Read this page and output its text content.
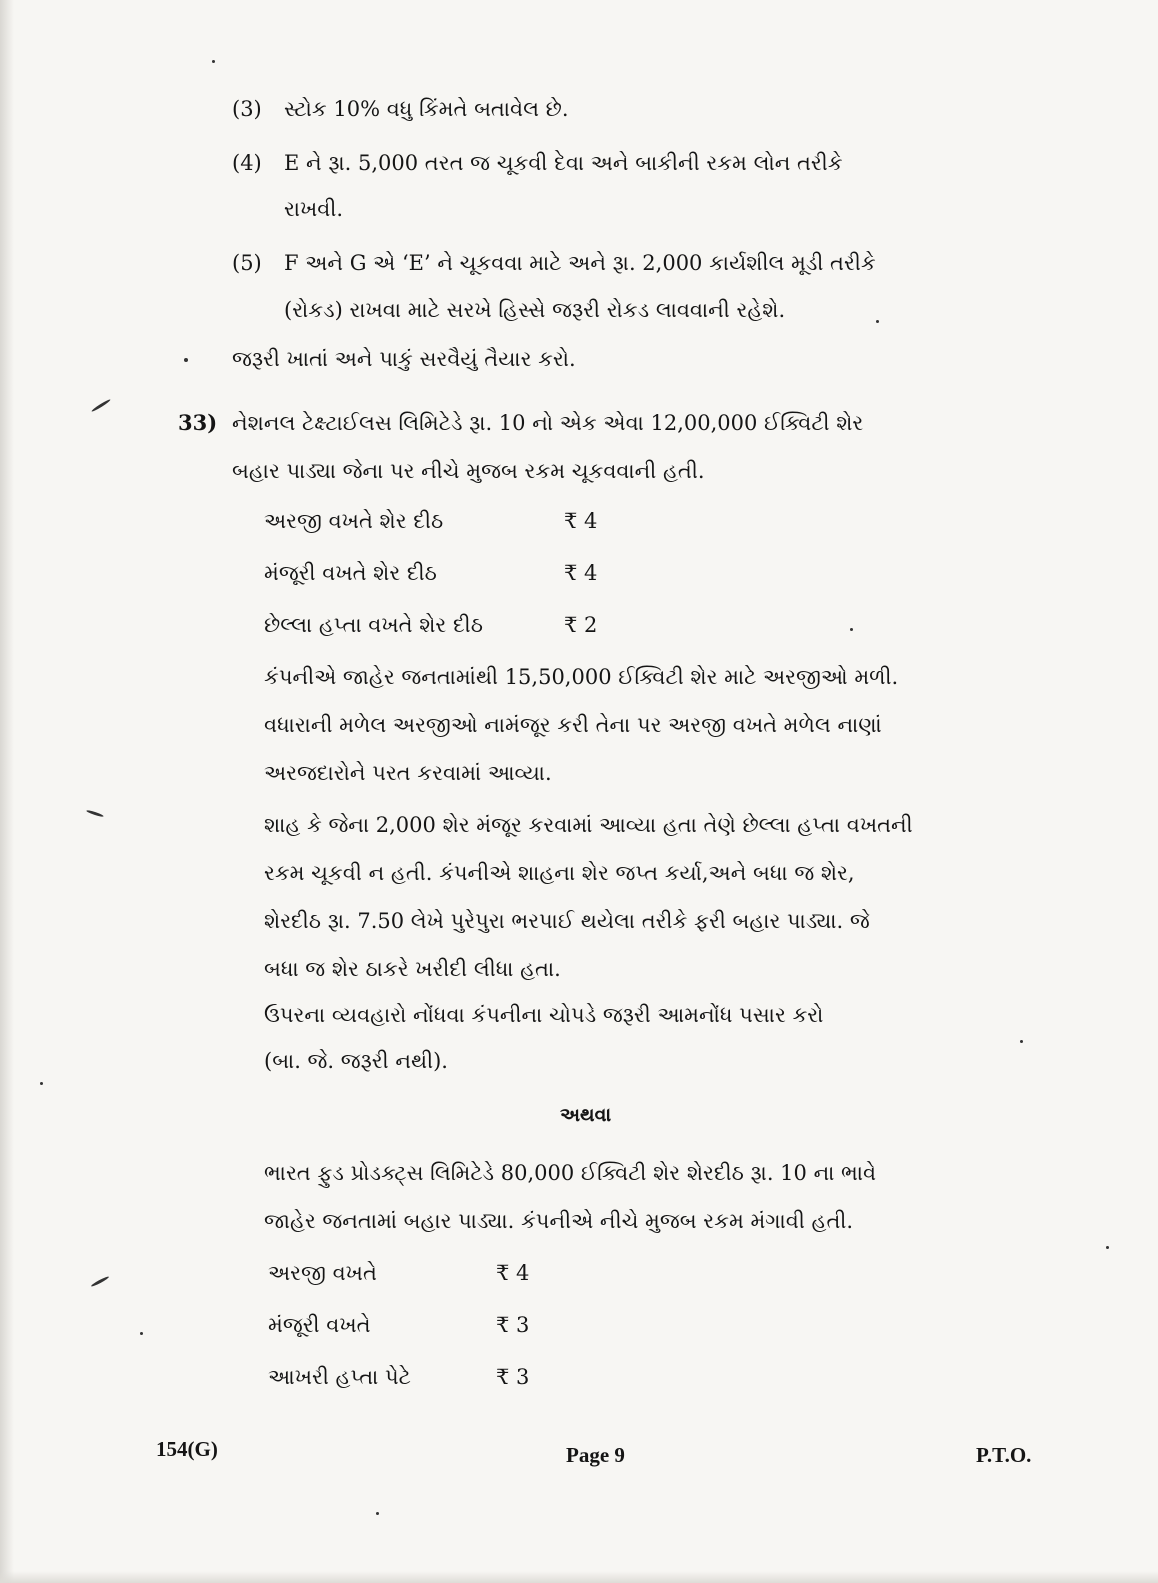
(3) સ્ટોક 10% વધુ કિંમતે બતાવેલ છે.
(4) E ને રૂા. 5,000 તરત જ ચૂકવી દેવા અને બાકીની રકમ લોન તરીકે
રાખવી.
(5) F અને G એ ‘E’ ને ચૂકવવા માટે અને રૂા. 2,000 કાર્યશીલ મૂડી તરીકે
(રોકડ) રાખવા માટે સરખે હિસ્સે જરૂરી રોકડ લાવવાની રહેશે.
જરૂરી ખાતાં અને પાકું સરવૈયું તૈયાર કરો.
33) નેશનલ ટેક્ષ્ટાઈલસ લિમિટેડે રૂા. 10 નો એક એવા 12,00,000 ઈક્વિટી શેર
બહાર પાડ્યા જેના પર નીચે મુજબ રકમ ચૂકવવાની હતી.
અરજી વખતે શેર દીઠ	₹ 4
મંજૂરી વખતે શેર દીઠ	₹ 4
છેલ્લા હપ્તા વખતે શેર દીઠ	₹ 2
કંપનીએ જાહેર જનતામાંથી 15,50,000 ઈક્વિટી શેર માટે અરજીઓ મળી.
વધારાની મળેલ અરજીઓ નામંજૂર કરી તેના પર અરજી વખતે મળેલ નાણાં
અરજદારોને પરત કરવામાં આવ્યા.
શાહ કે જેના 2,000 શેર મંજૂર કરવામાં આવ્યા હતા તેણે છેલ્લા હપ્તા વખતની
રકમ ચૂકવી ન હતી. કંપનીએ શાહના શેર જપ્ત કર્યા,અને બધા જ શેર,
શેરદીઠ રૂા. 7.50 લેખે પુરેપુરા ભરપાઈ થયેલા તરીકે ફરી બહાર પાડ્યા. જે
બધા જ શેર ઠાકરે ખરીદી લીધા હતા.
ઉપરના વ્યવહારો નોંધવા કંપનીના ચોપડે જરૂરી આમનોંધ પસાર કરો
(બા. જે. જરૂરી નથી).
અથવા
ભારત ફુડ પ્રોડક્ટ્સ લિમિટેડે 80,000 ઈક્વિટી શેર શેરદીઠ રૂા. 10 ના ભાવે
જાહેર જનતામાં બહાર પાડ્યા. કંપનીએ નીચે મુજબ રકમ મંગાવી હતી.
અરજી વખતે	₹ 4
મંજૂરી વખતે	₹ 3
આખરી હપ્તા પેટે	₹ 3
154(G)	Page 9	P.T.O.
